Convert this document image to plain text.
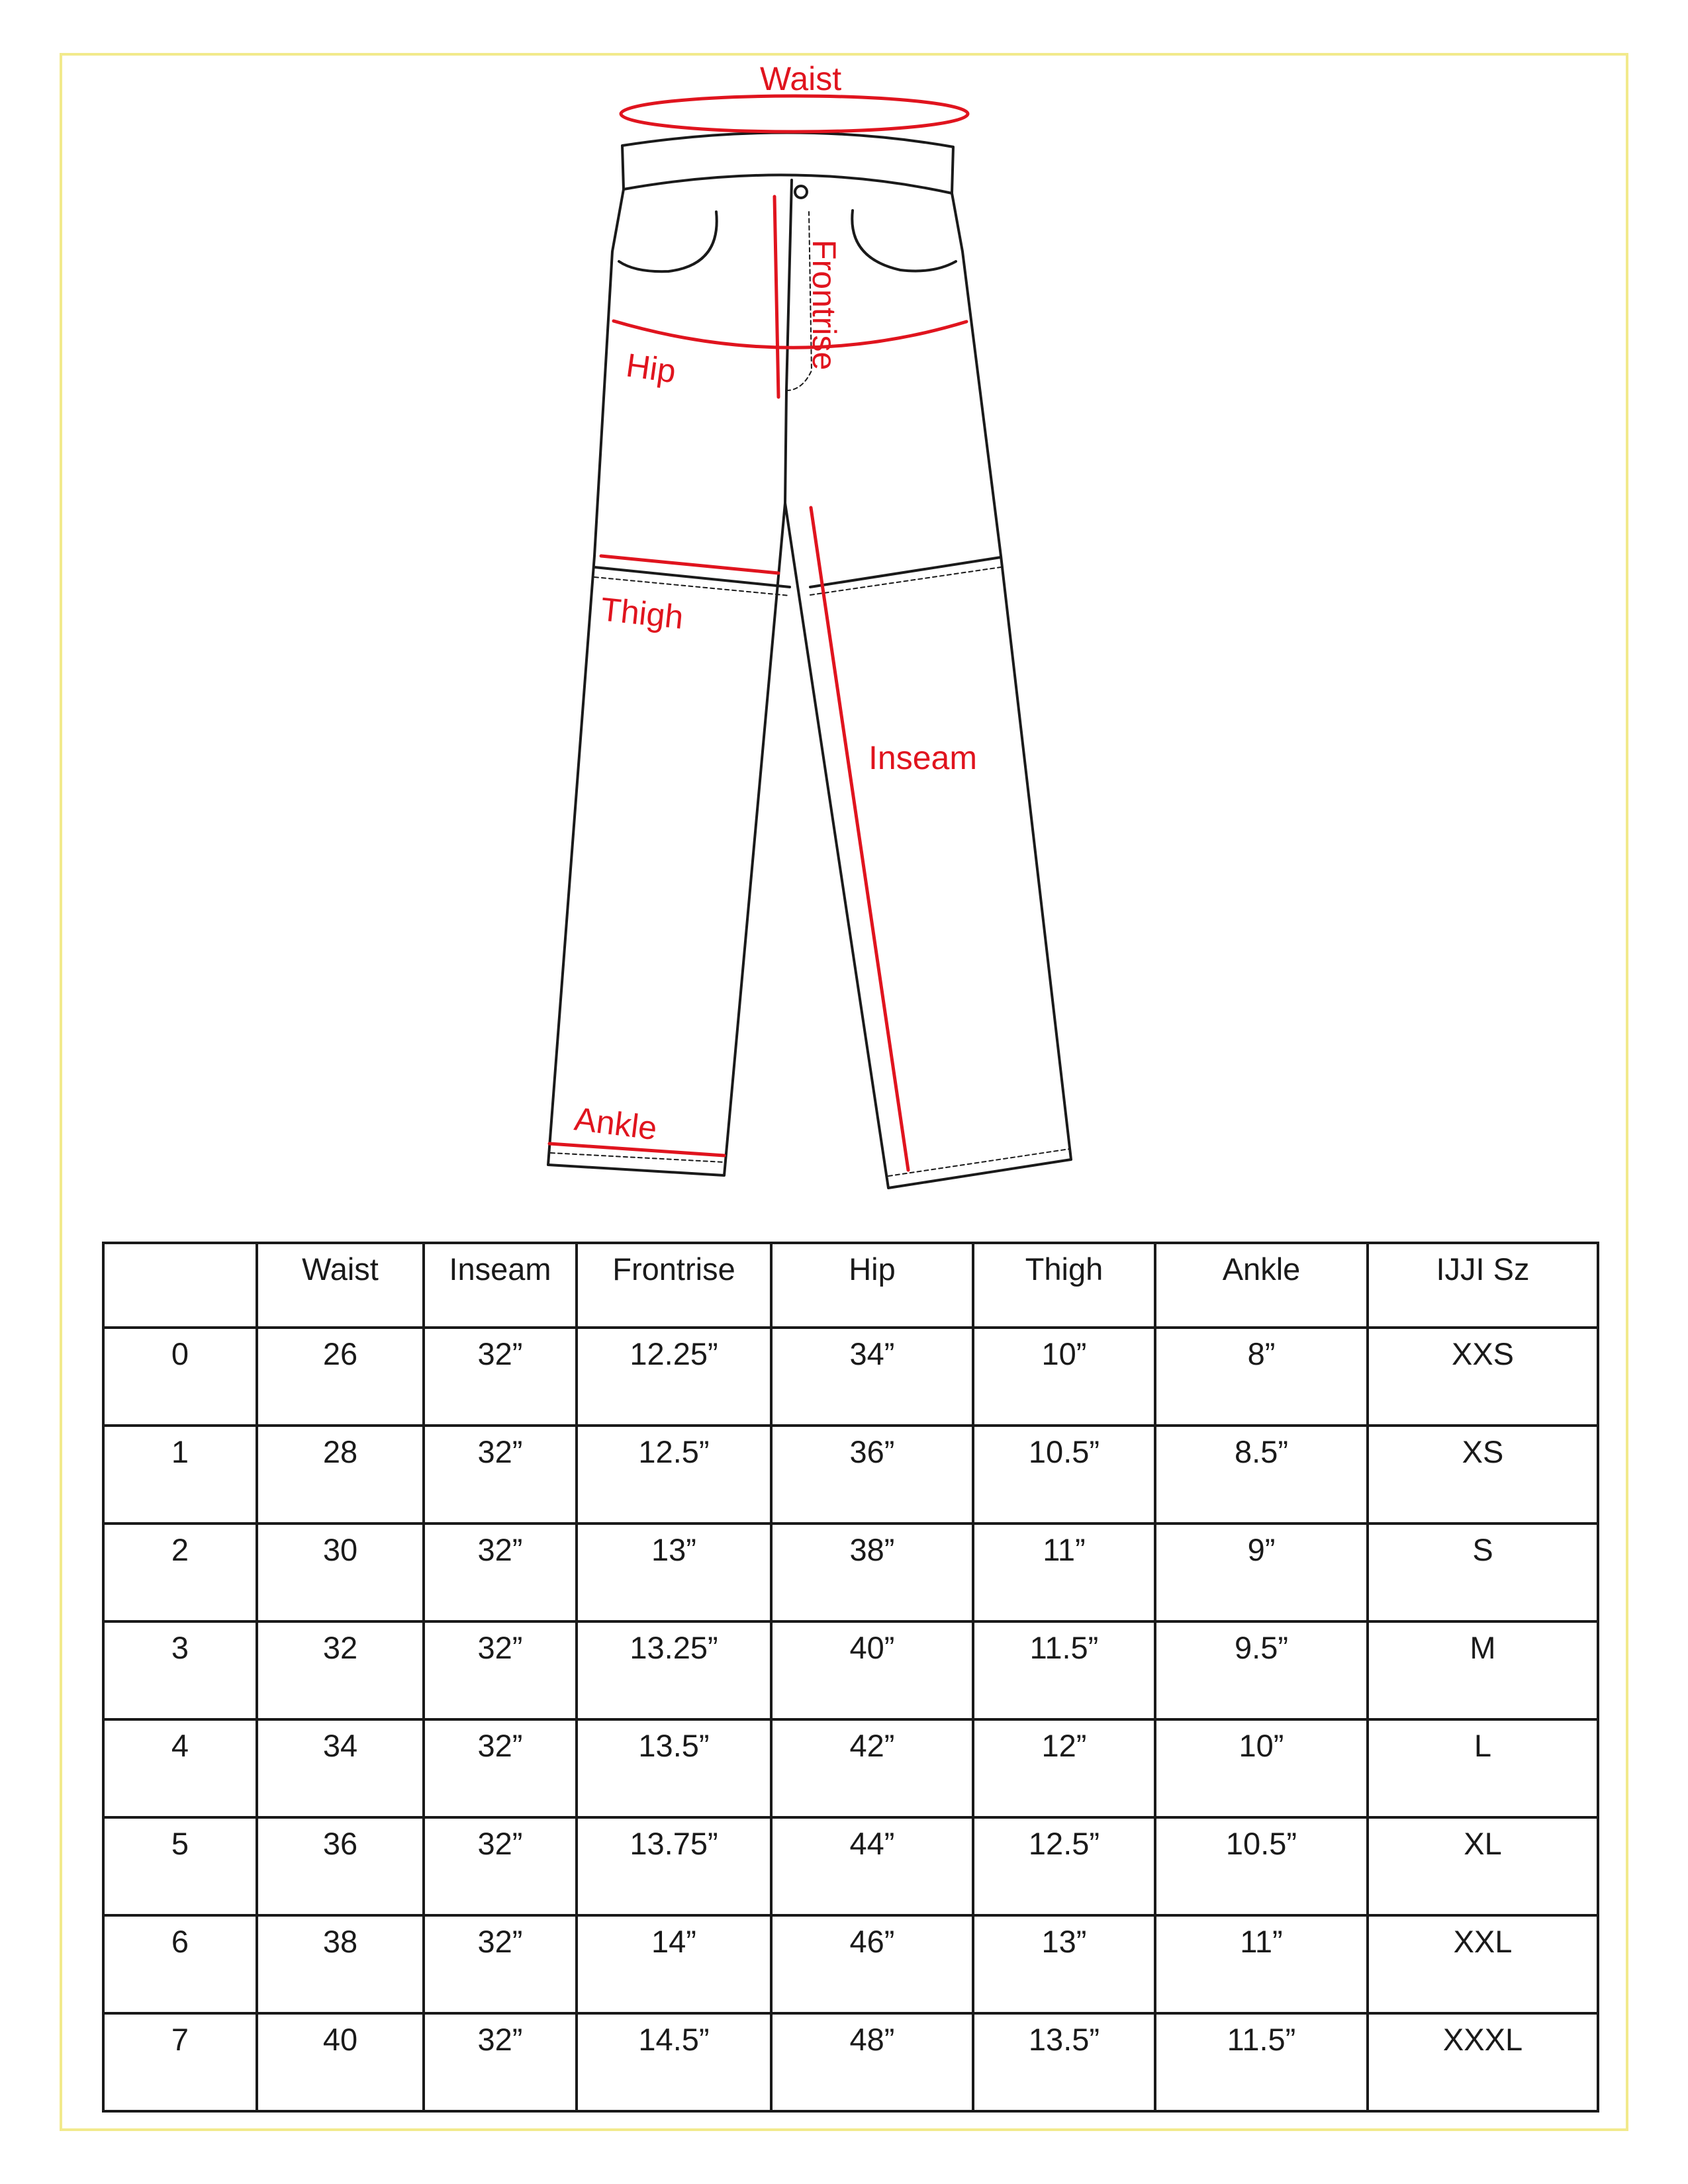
Waist
Frontrise
Hip
Thigh
Inseam
Ankle
	Waist	Inseam	Frontrise	Hip	Thigh	Ankle	IJJI Sz
0	26	32”	12.25”	34”	10”	8”	XXS
1	28	32”	12.5”	36”	10.5”	8.5”	XS
2	30	32”	13”	38”	11”	9”	S
3	32	32”	13.25”	40”	11.5”	9.5”	M
4	34	32”	13.5”	42”	12”	10”	L
5	36	32”	13.75”	44”	12.5”	10.5”	XL
6	38	32”	14”	46”	13”	11”	XXL
7	40	32”	14.5”	48”	13.5”	11.5”	XXXL
